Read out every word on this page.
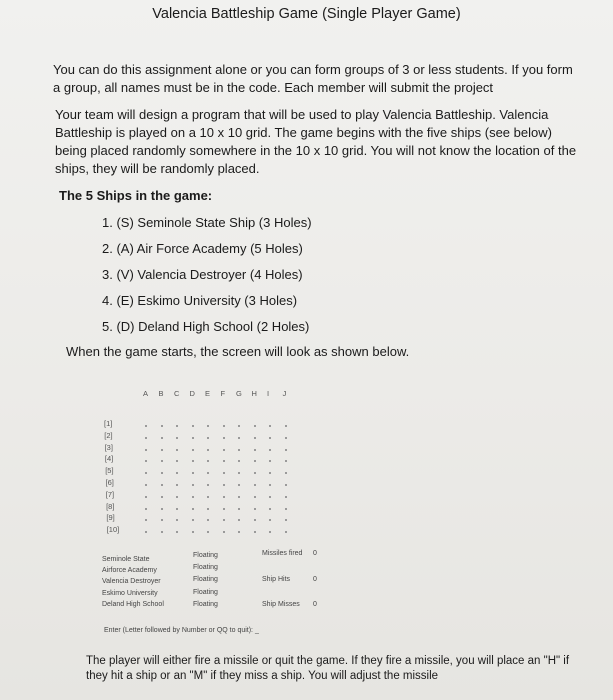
Valencia Battleship Game (Single Player Game)
You can do this assignment alone or you can form groups of 3 or less students. If you form a group, all names must be in the code. Each member will submit the project
Your team will design a program that will be used to play Valencia Battleship. Valencia Battleship is played on a 10 x 10 grid. The game begins with the five ships (see below) being placed randomly somewhere in the 10 x 10 grid. You will not know the location of the ships, they will be randomly placed.
The 5 Ships in the game:
1. (S) Seminole State Ship (3 Holes)
2. (A) Air Force Academy (5 Holes)
3. (V) Valencia Destroyer (4 Holes)
4. (E) Eskimo University (3 Holes)
5. (D) Deland High School (2 Holes)
When the game starts, the screen will look as shown below.
A B C D E F G H I J
[1]
[2]
[3]
[4]
[5]
[6]
[7]
[8]
[9]
[10]
Seminole State
Airforce Academy
Valencia Destroyer
Eskimo University
Deland High School
Floating
Floating
Floating
Floating
Floating
Missiles fired 0
Ship Hits	0
Ship Misses 0
Enter (Letter followed by Number or QQ to quit): _
The player will either fire a missile or quit the game. If they fire a missile, you will place an "H" if they hit a ship or an "M" if they miss a ship. You will adjust the missile
